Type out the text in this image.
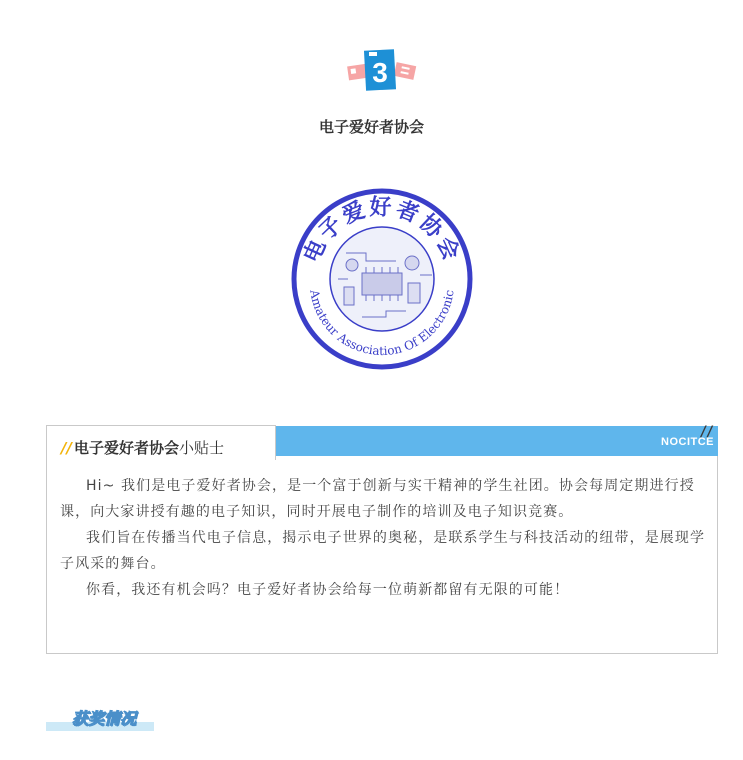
3
电子爱好者协会
电子爱好者协会
Amateur Association Of Electronic
//
NOCITCE
// 电子爱好者协会小贴士

Hi~ 我们是电子爱好者协会，是一个富于创新与实干精神的学生社团。协会每周定期进行授课，向大家讲授有趣的电子知识，同时开展电子制作的培训及电子知识竞赛。

我们旨在传播当代电子信息，揭示电子世界的奥秘，是联系学生与科技活动的纽带，是展现学子风采的舞台。

你看，我还有机会吗？电子爱好者协会给每一位萌新都留有无限的可能！

获奖情况
